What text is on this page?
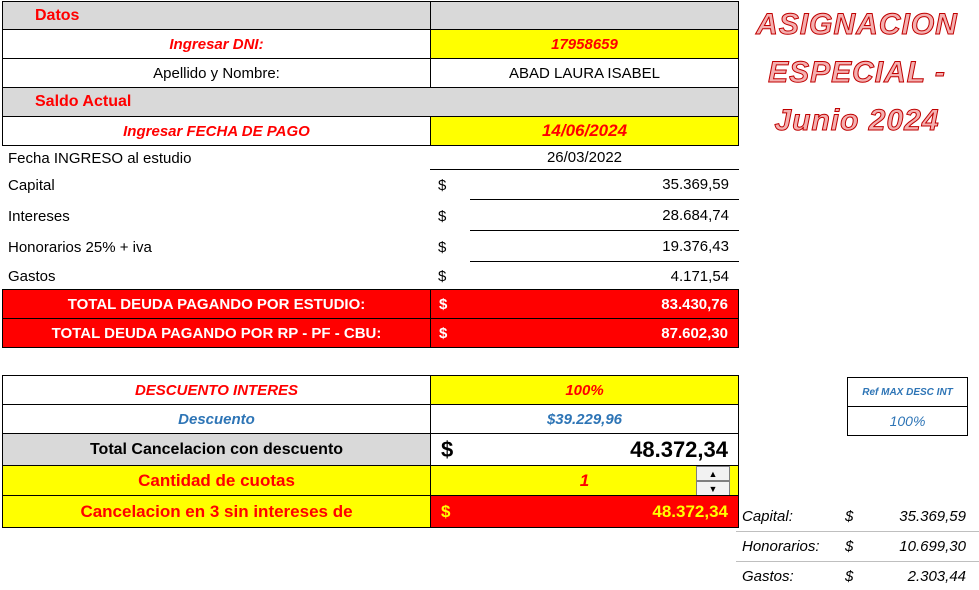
ASIGNACION
ESPECIAL -
Junio 2024
Datos
Ingresar DNI:	17958659
Apellido y Nombre:	ABAD LAURA ISABEL
Saldo Actual
Ingresar FECHA DE PAGO	14/06/2024
Fecha INGRESO al estudio	26/03/2022
Capital	$	35.369,59
Intereses	$	28.684,74
Honorarios 25% + iva	$	19.376,43
Gastos	$	4.171,54
TOTAL DEUDA PAGANDO POR ESTUDIO:	$	83.430,76
TOTAL DEUDA PAGANDO POR RP - PF - CBU:	$	87.602,30
DESCUENTO INTERES	100%
Descuento	$39.229,96
Total Cancelacion con descuento	$	48.372,34
Cantidad de cuotas	1	▲
▼
Cancelacion en 3 sin intereses de	$	48.372,34
Ref MAX DESC INT
100%
Capital:	$	35.369,59
Honorarios:	$	10.699,30
Gastos:	$	2.303,44
